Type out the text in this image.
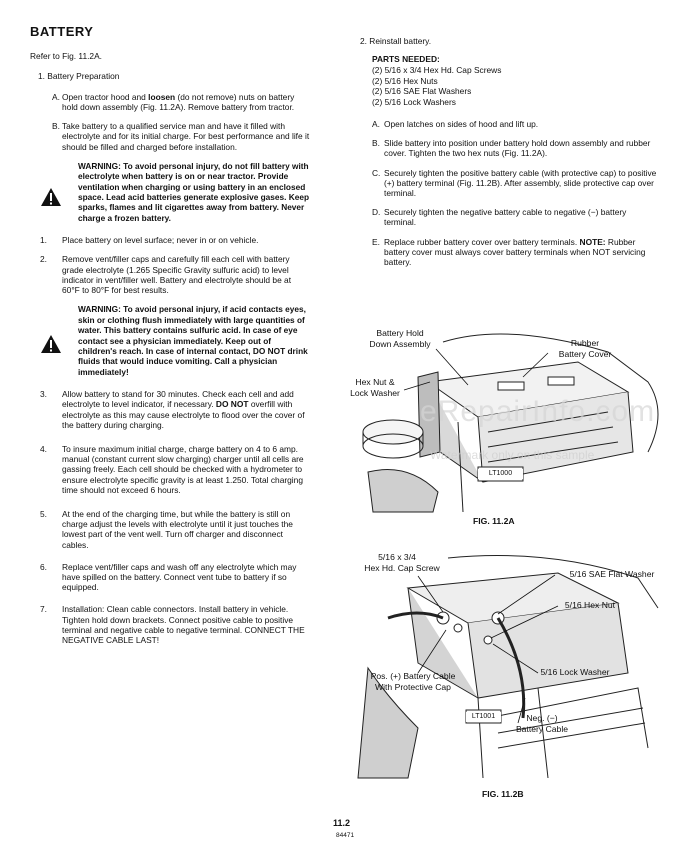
BATTERY

Refer to Fig. 11.2A.

1. Battery Preparation

A. Open tractor hood and loosen (do not remove) nuts on battery hold down assembly (Fig. 11.2A). Remove battery from tractor.
B. Take battery to a qualified service man and have it filled with electrolyte and for its initial charge. For best performance and life it should be filled and charged before installation.
WARNING: To avoid personal injury, do not fill battery with electrolyte when battery is on or near tractor. Provide ventilation when charging or using battery in an enclosed space. Lead acid batteries generate explosive gases. Keep sparks, flames and lit cigarettes away from battery. Never charge a frozen battery.
1. Place battery on level surface; never in or on vehicle.
2. Remove vent/filler caps and carefully fill each cell with battery grade electrolyte (1.265 Specific Gravity sulfuric acid) to level indicator in vent/filler well. Battery and electrolyte should be at 60°F to 80°F for best results.
WARNING: To avoid personal injury, if acid contacts eyes, skin or clothing flush immediately with large quantities of water. This battery contains sulfuric acid. In case of eye contact see a physician immediately. Keep out of children's reach. In case of internal contact, DO NOT drink fluids that would induce vomiting. Call a physician immediately!
3. Allow battery to stand for 30 minutes. Check each cell and add electrolyte to level indicator, if necessary. DO NOT overfill with electrolyte as this may cause electrolyte to flood over the cover of the battery during charging.
4. To insure maximum initial charge, charge battery on 4 to 6 amp. manual (constant current slow charging) charger until all cells are gassing freely. Each cell should be checked with a hydrometer to ensure electrolyte specific gravity is at least 1.250. Total charging time should not exceed 6 hours.
5. At the end of the charging time, but while the battery is still on charge adjust the levels with electrolyte until it just touches the lowest part of the vent well. Turn off charger and disconnect cables.
6. Replace vent/filler caps and wash off any electrolyte which may have spilled on the battery. Connect vent tube to battery if so equipped.
7. Installation: Clean cable connectors. Install battery in vehicle. Tighten hold down brackets. Connect positive cable to positive terminal and negative cable to negative terminal. CONNECT THE NEGATIVE CABLE LAST!

2. Reinstall battery.

PARTS NEEDED:
(2) 5/16 x 3/4 Hex Hd. Cap Screws
(2) 5/16 Hex Nuts
(2) 5/16 SAE Flat Washers
(2) 5/16 Lock Washers
A. Open latches on sides of hood and lift up.
B. Slide battery into position under battery hold down assembly and rubber cover. Tighten the two hex nuts (Fig. 11.2A).
C. Securely tighten the positive battery cable (with protective cap) to positive (+) battery terminal (Fig. 11.2B). After assembly, slide protective cap over terminal.
D. Securely tighten the negative battery cable to negative (−) battery terminal.
E. Replace rubber battery cover over battery terminals. NOTE: Rubber battery cover must always cover battery terminals when NOT servicing battery.
Battery Hold
Down Assembly	Rubber
Battery Cover
Hex Nut &
Lock Washer
LT1000
FIG. 11.2A
5/16 x 3/4
Hex Hd. Cap Screw
5/16 SAE Flat Washer
5/16 Hex Nut
Pos. (+) Battery Cable
With Protective Cap
5/16 Lock Washer
Neg. (−)
Battery Cable
LT1001
FIG. 11.2B
eRepairInfo.com
Watermark only on this sample
11.2
84471
